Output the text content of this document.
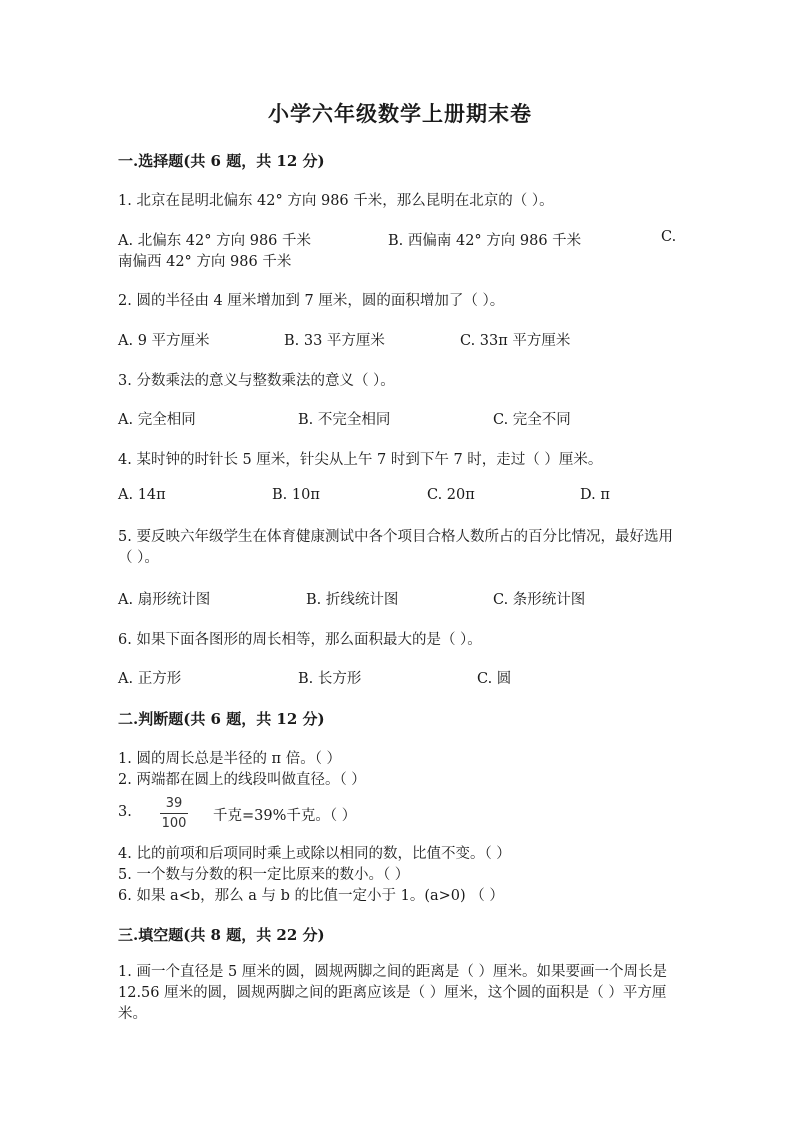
小学六年级数学上册期末卷
一.选择题(共 6 题，共 12 分)
1. 北京在昆明北偏东 42° 方向 986 千米，那么昆明在北京的（ ）。
A. 北偏东 42° 方向 986 千米	B. 西偏南 42° 方向 986 千米	C.
南偏西 42° 方向 986 千米
2. 圆的半径由 4 厘米增加到 7 厘米，圆的面积增加了（ ）。
A. 9 平方厘米	B. 33 平方厘米	C. 33π 平方厘米
3. 分数乘法的意义与整数乘法的意义（ ）。
A. 完全相同	B. 不完全相同	C. 完全不同
4. 某时钟的时针长 5 厘米，针尖从上午 7 时到下午 7 时，走过（ ）厘米。
A. 14π	B. 10π	C. 20π	D. π
5. 要反映六年级学生在体育健康测试中各个项目合格人数所占的百分比情况，最好选用（ ）。
A. 扇形统计图	B. 折线统计图	C. 条形统计图
6. 如果下面各图形的周长相等，那么面积最大的是（ ）。
A. 正方形	B. 长方形	C. 圆
二.判断题(共 6 题，共 12 分)
1. 圆的周长总是半径的 π 倍。（ ）
2. 两端都在圆上的线段叫做直径。（ ）
3.
39
100 千克=39%千克。（ ）
4. 比的前项和后项同时乘上或除以相同的数，比值不变。（ ）
5. 一个数与分数的积一定比原来的数小。（ ）
6. 如果 a<b，那么 a 与 b 的比值一定小于 1。(a>0) （ ）
三.填空题(共 8 题，共 22 分)
1. 画一个直径是 5 厘米的圆，圆规两脚之间的距离是（ ）厘米。如果要画一个周长是 12.56 厘米的圆，圆规两脚之间的距离应该是（ ）厘米，这个圆的面积是（ ）平方厘米。
